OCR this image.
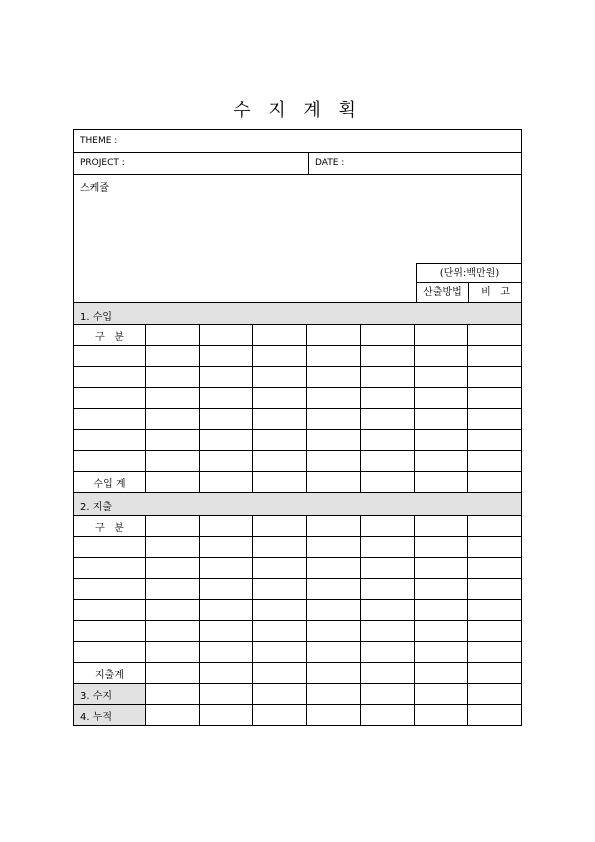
수 지 계 획
THEME :
PROJECT :	DATE :
스케쥴
(단위:백만원)
산출방법	비   고
1. 수입
구   분							

수입 계							
2. 지출
구   분							

지출계							
3. 수지							
4. 누적							
